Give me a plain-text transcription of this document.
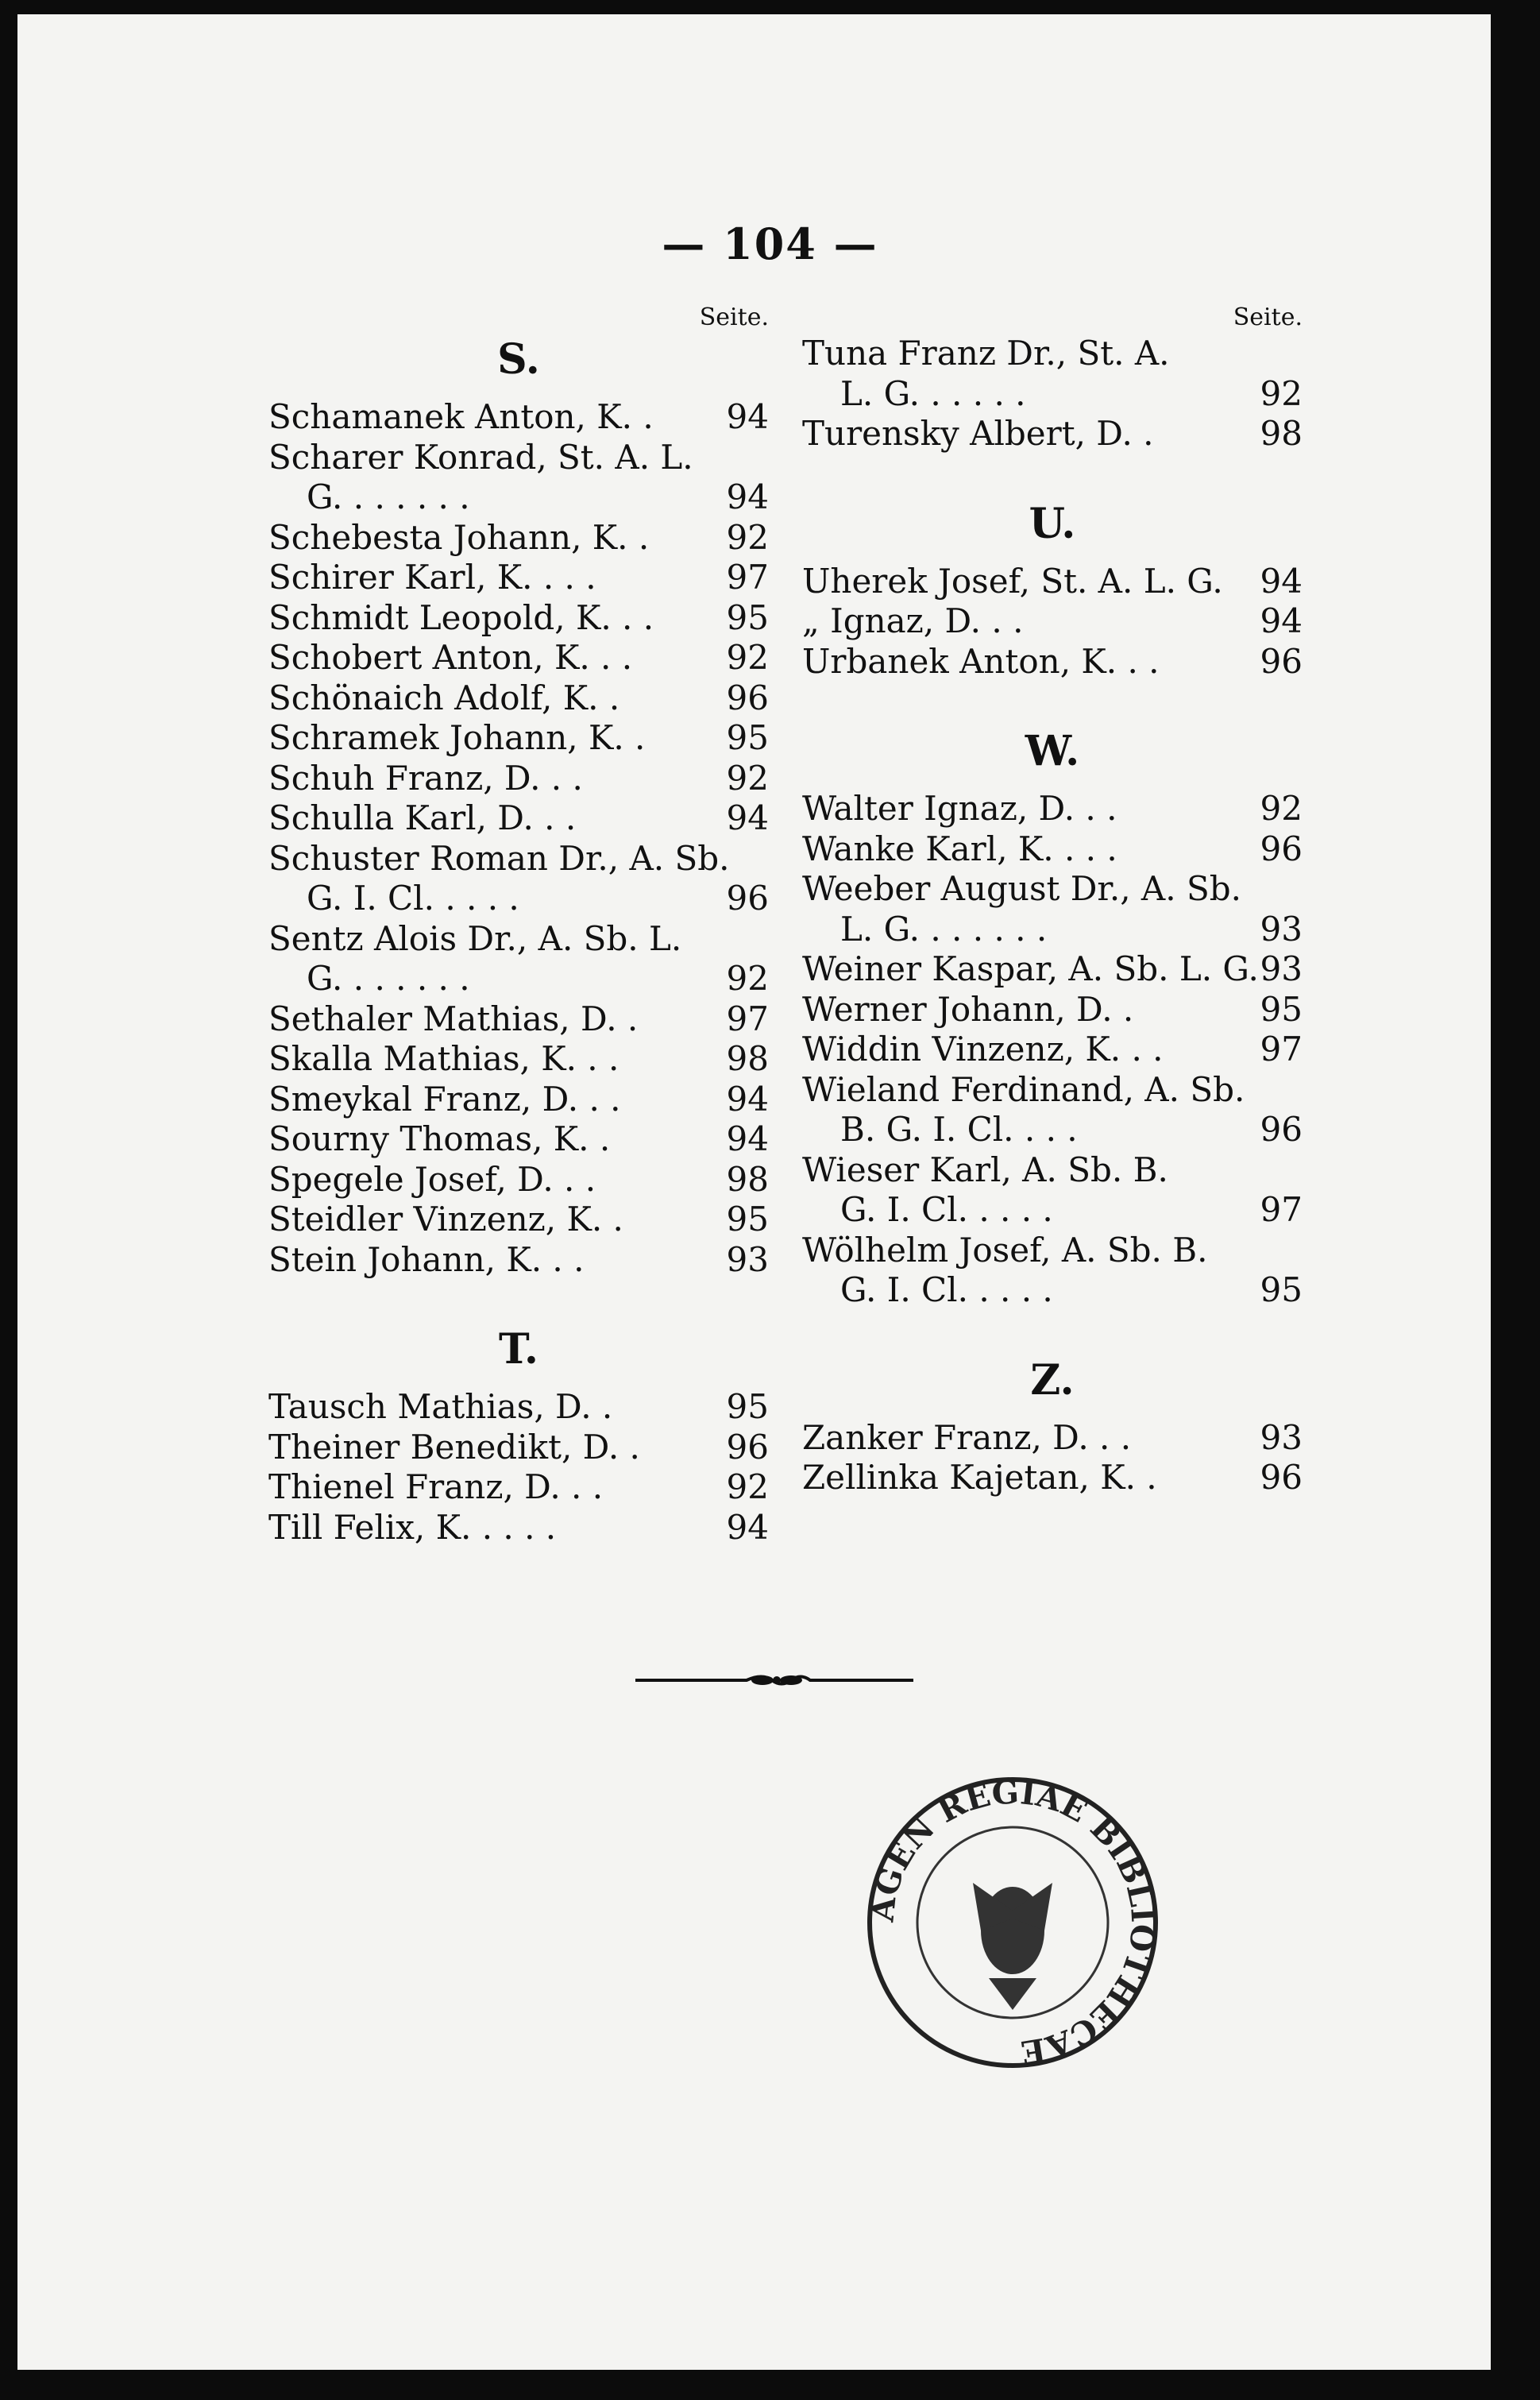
— 104 —
Seite.
S.
Schamanek Anton, K. . 94
Scharer Konrad, St. A. L.
G. . . . . . .	94
Schebesta Johann, K. . 92
Schirer Karl, K. . . .	97
Schmidt Leopold, K. . . 95
Schobert Anton, K. . .	92
Schönaich Adolf, K. .	96
Schramek Johann, K. . 95
Schuh Franz, D. . .	92
Schulla Karl, D. . .	94
Schuster Roman Dr., A. Sb.
G. I. Cl. . . . .	96
Sentz Alois Dr., A. Sb. L.
G. . . . . . .	92
Sethaler Mathias, D. .	97
Skalla Mathias, K. . .	98
Smeykal Franz, D. . .	94
Sourny Thomas, K. .	94
Spegele Josef, D. . .	98
Steidler Vinzenz, K. .	95
Stein Johann, K. . .	93
T.
Tausch Mathias, D. .	95
Theiner Benedikt, D. .	96
Thienel Franz, D. . .	92
Till Felix, K. . . . .	94
Seite.
Tuna Franz Dr., St. A.
L. G. . . . . .	92
Turensky Albert, D. .	98
U.
Uherek Josef, St. A. L. G. 94
„ Ignaz, D. . .	94
Urbanek Anton, K. . .	96
W.
Walter Ignaz, D. . .	92
Wanke Karl, K. . . .	96
Weeber August Dr., A. Sb.
L. G. . . . . . .	93
Weiner Kaspar, A. Sb. L. G. 93
Werner Johann, D. .	95
Widdin Vinzenz, K. . .	97
Wieland Ferdinand, A. Sb.
B. G. I. Cl. . . .	96
Wieser Karl, A. Sb. B.
G. I. Cl. . . . .	97
Wölhelm Josef, A. Sb. B.
G. I. Cl. . . . .	95
Z.
Zanker Franz, D. . .	93
Zellinka Kajetan, K. .	96
AGEN REGIAE BIBLIOTHECAE
